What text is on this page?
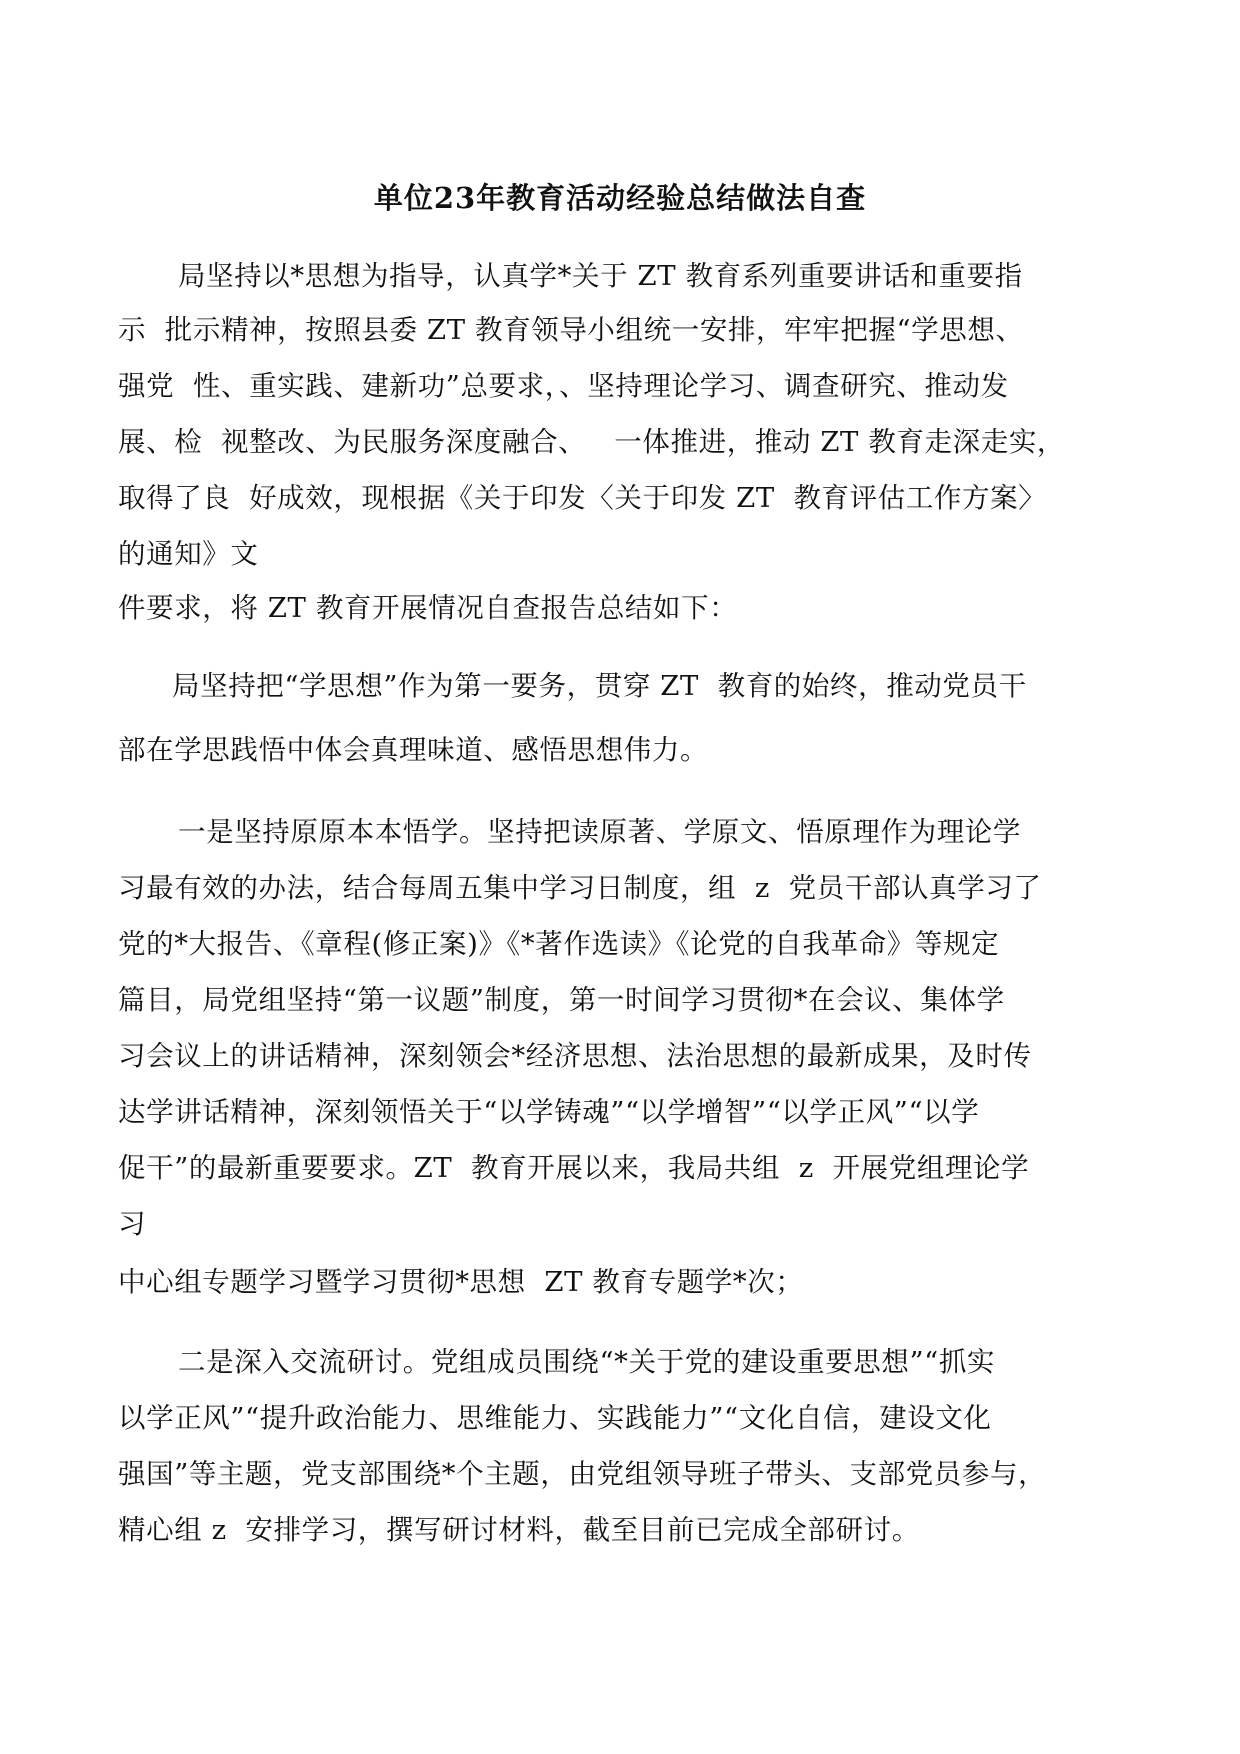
单位23年教育活动经验总结做法自查
局坚持以*思想为指导，认真学*关于 ZT 教育系列重要讲话和重要指
示  批示精神，按照县委 ZT 教育领导小组统一安排，牢牢把握“学思想、
强党  性、重实践、建新功”总要求，、坚持理论学习、调查研究、推动发
展、检  视整改、为民服务深度融合、   一体推进，推动 ZT 教育走深走实，
取得了良  好成效，现根据《关于印发〈关于印发 ZT  教育评估工作方案〉
的通知》文
件要求，将 ZT 教育开展情况自查报告总结如下：
局坚持把“学思想”作为第一要务，贯穿 ZT  教育的始终，推动党员干
部在学思践悟中体会真理味道、感悟思想伟力。
一是坚持原原本本悟学。坚持把读原著、学原文、悟原理作为理论学
习最有效的办法，结合每周五集中学习日制度，组  z  党员干部认真学习了
党的*大报告、《章程(修正案)》《*著作选读》《论党的自我革命》等规定
篇目，局党组坚持“第一议题”制度，第一时间学习贯彻*在会议、集体学
习会议上的讲话精神，深刻领会*经济思想、法治思想的最新成果，及时传
达学讲话精神，深刻领悟关于“以学铸魂”“以学增智”“以学正风”“以学
促干”的最新重要要求。ZT  教育开展以来，我局共组  z  开展党组理论学
习
中心组专题学习暨学习贯彻*思想  ZT 教育专题学*次；
二是深入交流研讨。党组成员围绕“*关于党的建设重要思想”“抓实
以学正风”“提升政治能力、思维能力、实践能力”“文化自信，建设文化
强国”等主题，党支部围绕*个主题，由党组领导班子带头、支部党员参与，
精心组 z  安排学习，撰写研讨材料，截至目前已完成全部研讨。
